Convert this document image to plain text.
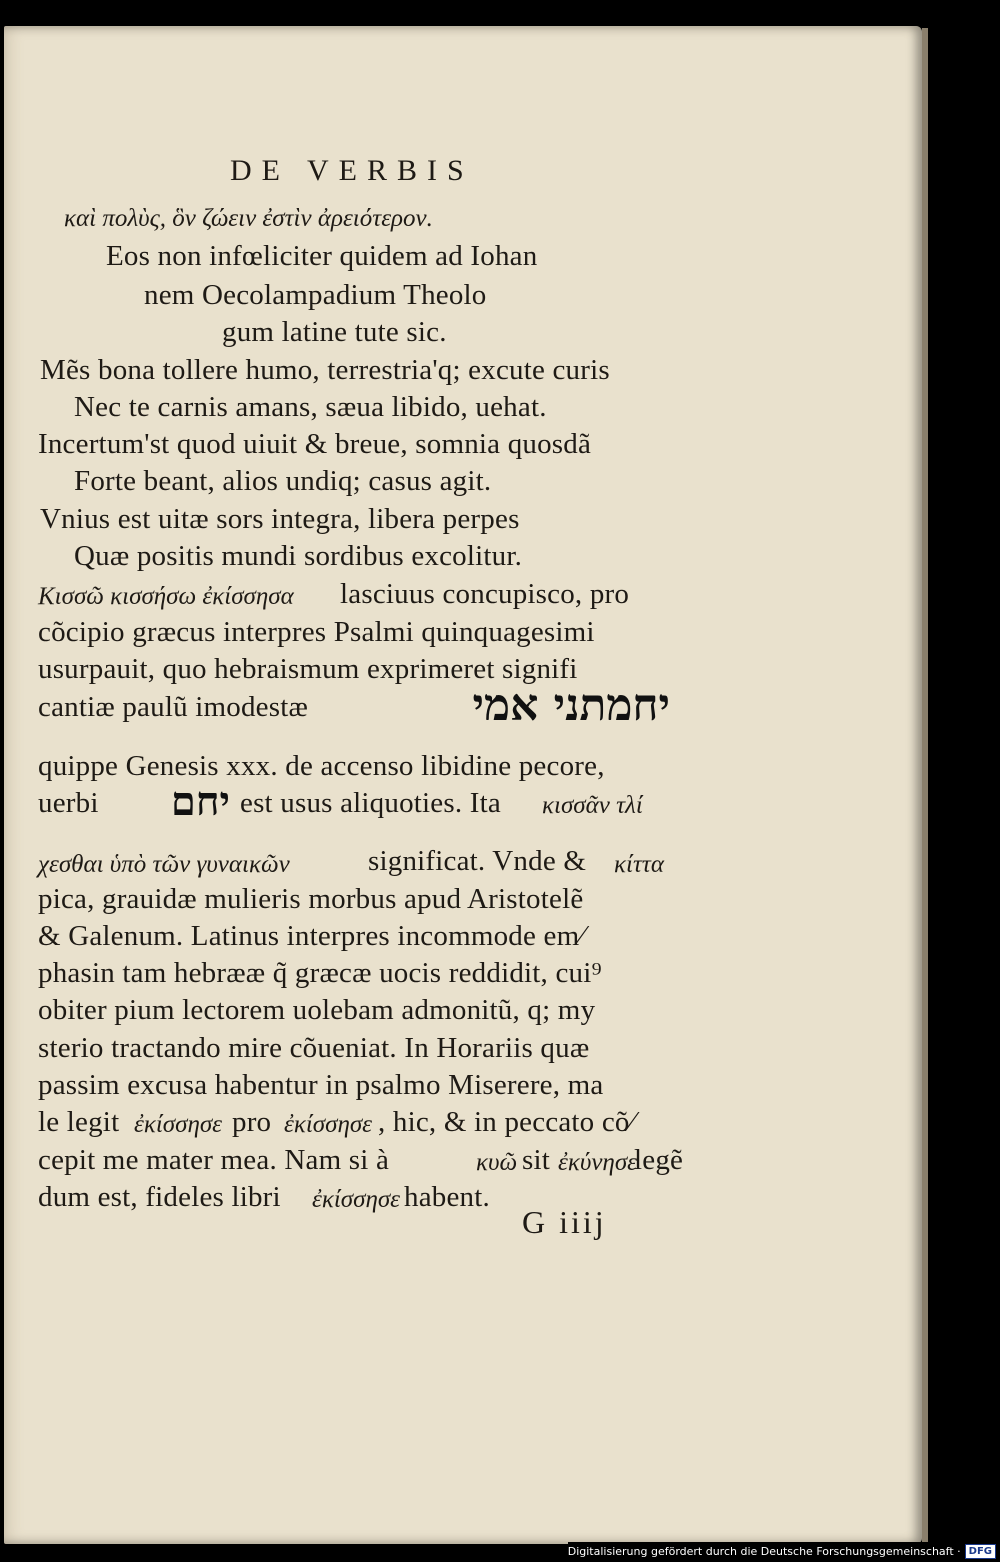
DE VERBIS
καὶ πολὺς, ὃν ζώειν ἐστὶν ἀρειότερον.
Eos non infœliciter quidem ad Iohan
nem Oecolampadium Theolo
gum latine tute sic.
Mẽs bona tollere humo, terrestria'q; excute curis
Nec te carnis amans, sæua libido, uehat.
Incertum'st quod uiuit & breue, somnia quosdã
Forte beant, alios undiq; casus agit.
Vnius est uitæ sors integra, libera perpes
Quæ positis mundi sordibus excolitur.
Κισσῶ κισσήσω ἐκίσσησα lasciuus concupisco, pro
cõcipio græcus interpres Psalmi quinquagesimi
usurpauit, quo hebraismum exprimeret signifi
cantiæ paulũ imodestæ	יחמתני אמי
quippe Genesis xxx. de accenso libidine pecore,
uerbi	יחם est usus aliquoties. Ita κισσᾶν τλί
χεσθαι ὑπὸ τῶν γυναικῶν	significat. Vnde & κίττα
pica, grauidæ mulieris morbus apud Aristotelẽ
& Galenum. Latinus interpres incommode em⁄
phasin tam hebrææ q̃ græcæ uocis reddidit, cui⁹
obiter pium lectorem uolebam admonitũ, q; my
sterio tractando mire cõueniat. In Horariis quæ
passim excusa habentur in psalmo Miserere, ma
le legit ἐκίσσησε pro ἐκίσσησε , hic, & in peccato cõ⁄
cepit me mater mea. Nam si à	κυῶ sit ἐκύνησε
legẽ
dum est, fideles libri ἐκίσσησε habent.
G iiij
Digitalisierung gefördert durch die Deutsche Forschungsgemeinschaft · DFG
